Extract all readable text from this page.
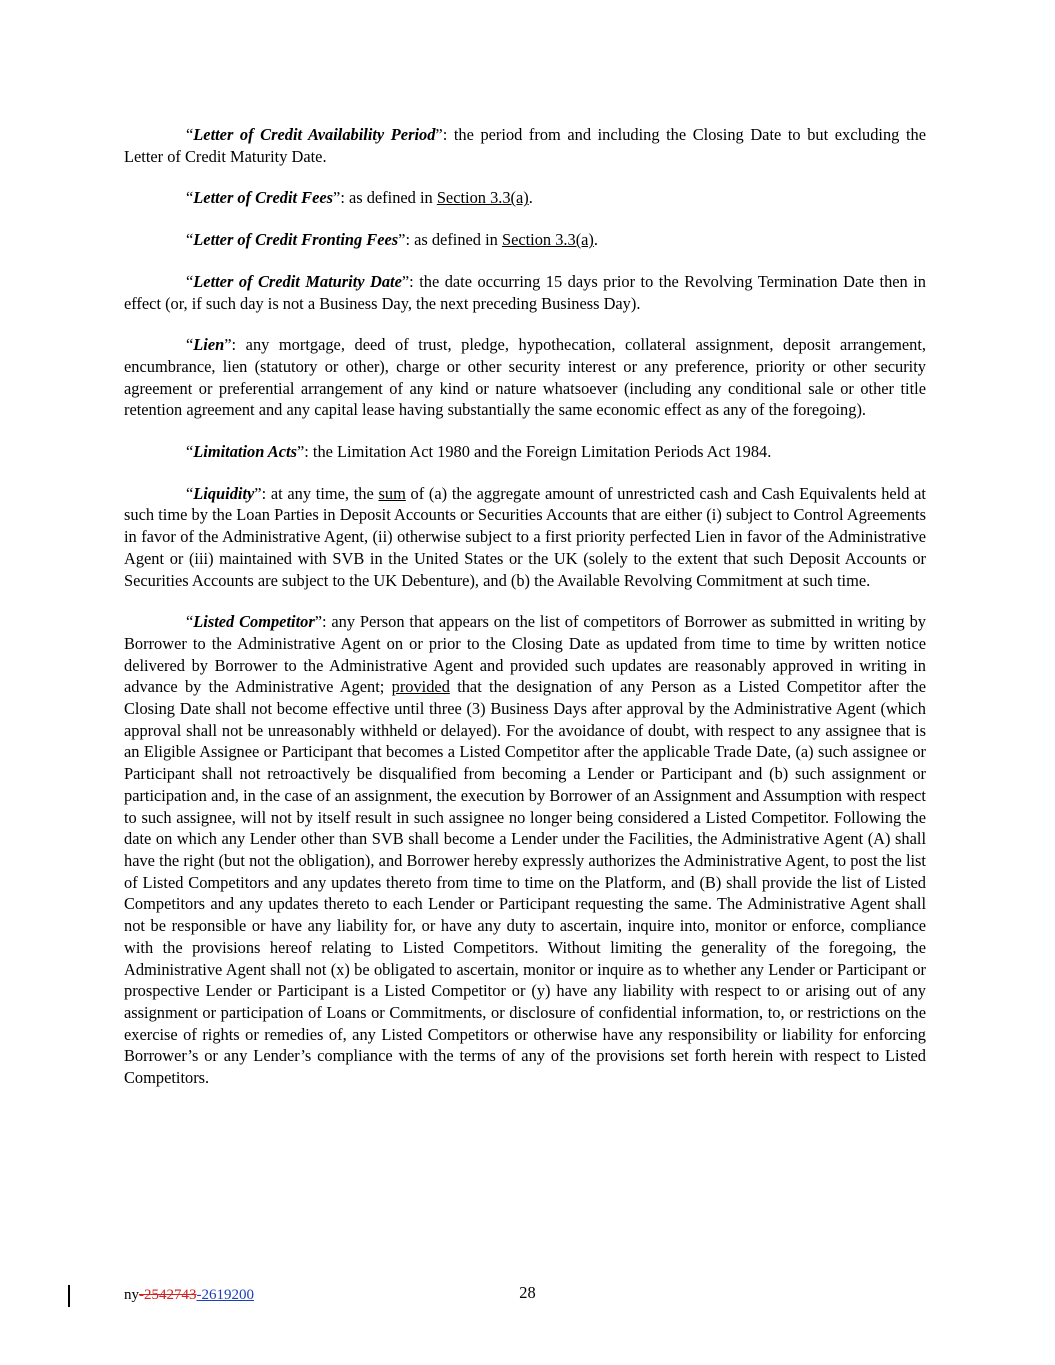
“Letter of Credit Availability Period”: the period from and including the Closing Date to but excluding the Letter of Credit Maturity Date.

“Letter of Credit Fees”: as defined in Section 3.3(a).

“Letter of Credit Fronting Fees”: as defined in Section 3.3(a).

“Letter of Credit Maturity Date”: the date occurring 15 days prior to the Revolving Termination Date then in effect (or, if such day is not a Business Day, the next preceding Business Day).

“Lien”: any mortgage, deed of trust, pledge, hypothecation, collateral assignment, deposit arrangement, encumbrance, lien (statutory or other), charge or other security interest or any preference, priority or other security agreement or preferential arrangement of any kind or nature whatsoever (including any conditional sale or other title retention agreement and any capital lease having substantially the same economic effect as any of the foregoing).

“Limitation Acts”: the Limitation Act 1980 and the Foreign Limitation Periods Act 1984.

“Liquidity”: at any time, the sum of (a) the aggregate amount of unrestricted cash and Cash Equivalents held at such time by the Loan Parties in Deposit Accounts or Securities Accounts that are either (i) subject to Control Agreements in favor of the Administrative Agent, (ii) otherwise subject to a first priority perfected Lien in favor of the Administrative Agent or (iii) maintained with SVB in the United States or the UK (solely to the extent that such Deposit Accounts or Securities Accounts are subject to the UK Debenture), and (b) the Available Revolving Commitment at such time.

“Listed Competitor”: any Person that appears on the list of competitors of Borrower as submitted in writing by Borrower to the Administrative Agent on or prior to the Closing Date as updated from time to time by written notice delivered by Borrower to the Administrative Agent and provided such updates are reasonably approved in writing in advance by the Administrative Agent; provided that the designation of any Person as a Listed Competitor after the Closing Date shall not become effective until three (3) Business Days after approval by the Administrative Agent (which approval shall not be unreasonably withheld or delayed). For the avoidance of doubt, with respect to any assignee that is an Eligible Assignee or Participant that becomes a Listed Competitor after the applicable Trade Date, (a) such assignee or Participant shall not retroactively be disqualified from becoming a Lender or Participant and (b) such assignment or participation and, in the case of an assignment, the execution by Borrower of an Assignment and Assumption with respect to such assignee, will not by itself result in such assignee no longer being considered a Listed Competitor. Following the date on which any Lender other than SVB shall become a Lender under the Facilities, the Administrative Agent (A) shall have the right (but not the obligation), and Borrower hereby expressly authorizes the Administrative Agent, to post the list of Listed Competitors and any updates thereto from time to time on the Platform, and (B) shall provide the list of Listed Competitors and any updates thereto to each Lender or Participant requesting the same. The Administrative Agent shall not be responsible or have any liability for, or have any duty to ascertain, inquire into, monitor or enforce, compliance with the provisions hereof relating to Listed Competitors. Without limiting the generality of the foregoing, the Administrative Agent shall not (x) be obligated to ascertain, monitor or inquire as to whether any Lender or Participant or prospective Lender or Participant is a Listed Competitor or (y) have any liability with respect to or arising out of any assignment or participation of Loans or Commitments, or disclosure of confidential information, to, or restrictions on the exercise of rights or remedies of, any Listed Competitors or otherwise have any responsibility or liability for enforcing Borrower’s or any Lender’s compliance with the terms of any of the provisions set forth herein with respect to Listed Competitors.

ny-2542743-2619200	28
